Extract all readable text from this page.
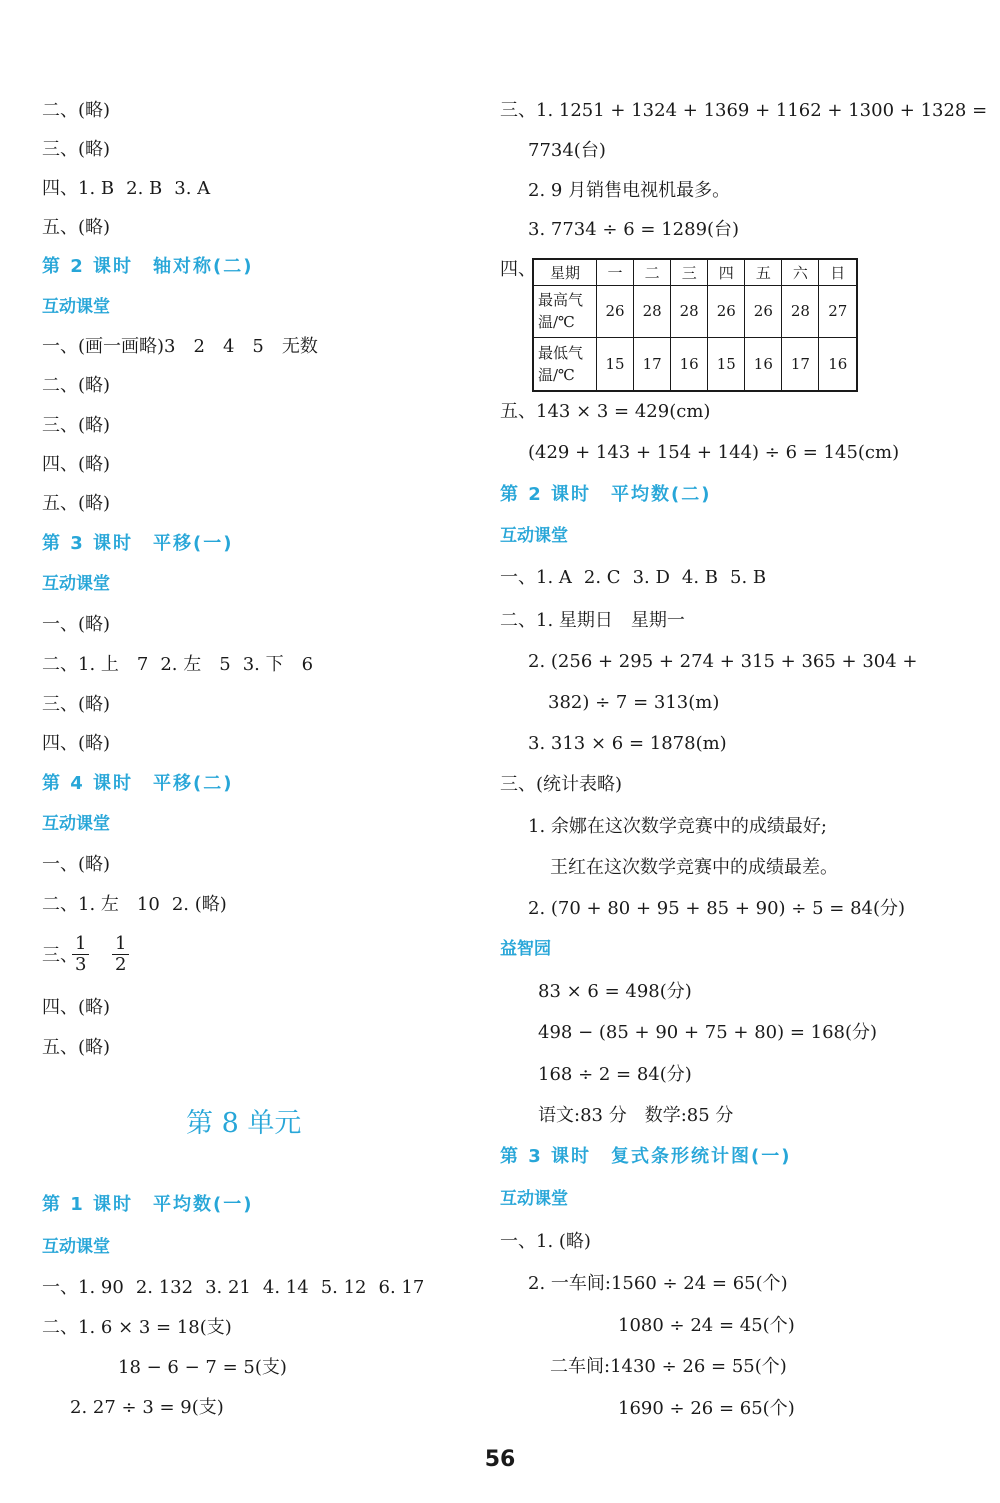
二、(略)
三、(略)
四、1. B 2. B 3. A
五、(略)
第 2 课时　轴对称(二)
互动课堂
一、(画一画略)3　2　4　5　无数
二、(略)
三、(略)
四、(略)
五、(略)
第 3 课时　平移(一)
互动课堂
一、(略)
二、1. 上　7 2. 左　5 3. 下　6
三、(略)
四、(略)
第 4 课时　平移(二)
互动课堂
一、(略)
二、1. 左　10 2. (略)
三、
$\frac{1}{3} \frac{1}{2}$
四、(略)
五、(略)
第 8 单元
第 1 课时　平均数(一)
互动课堂
一、1. 90 2. 132 3. 21 4. 14 5. 12 6. 17
二、1. 6 × 3 = 18(支)
18 − 6 − 7 = 5(支)
2. 27 ÷ 3 = 9(支)
三、1. 1251 + 1324 + 1369 + 1162 + 1300 + 1328 =
7734(台)
2. 9 月销售电视机最多。
3. 7734 ÷ 6 = 1289(台)
四、 星期	一	二	三	四	五	六	日
最高气温/℃	26	28	28	26	26	28	27
最低气温/℃	15	17	16	15	16	17	16
五、143 × 3 = 429(cm)
(429 + 143 + 154 + 144) ÷ 6 = 145(cm)
第 2 课时　平均数(二)
互动课堂
一、1. A 2. C 3. D 4. B 5. B
二、1. 星期日　星期一
2. (256 + 295 + 274 + 315 + 365 + 304 +
382) ÷ 7 = 313(m)
3. 313 × 6 = 1878(m)
三、(统计表略)
1. 余娜在这次数学竞赛中的成绩最好;
王红在这次数学竞赛中的成绩最差。
2. (70 + 80 + 95 + 85 + 90) ÷ 5 = 84(分)
益智园
83 × 6 = 498(分)
498 − (85 + 90 + 75 + 80) = 168(分)
168 ÷ 2 = 84(分)
语文:83 分　数学:85 分
第 3 课时　复式条形统计图(一)
互动课堂
一、1. (略)
2. 一车间:1560 ÷ 24 = 65(个)
1080 ÷ 24 = 45(个)
二车间:1430 ÷ 26 = 55(个)
1690 ÷ 26 = 65(个)
56
